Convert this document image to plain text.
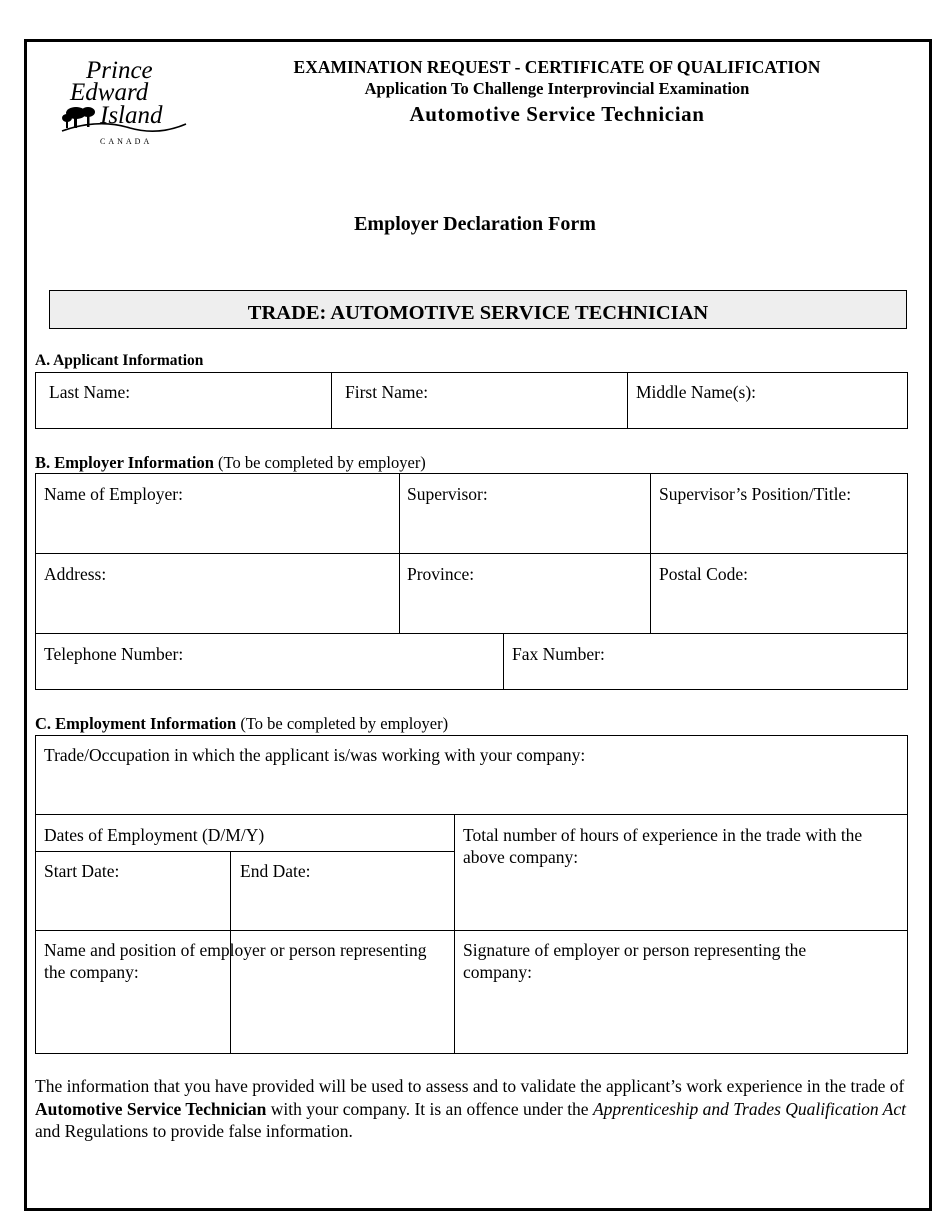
Prince
Edward
Island
CANADA
EXAMINATION REQUEST - CERTIFICATE OF QUALIFICATION
Application To Challenge Interprovincial Examination
Automotive Service Technician
Employer Declaration Form
TRADE: AUTOMOTIVE SERVICE TECHNICIAN
A. Applicant Information
Last Name:	First Name:	Middle Name(s):
B. Employer Information (To be completed by employer)
Name of Employer:	Supervisor:	Supervisor’s Position/Title:
Address:	Province:	Postal Code:
Telephone Number:	Fax Number:
C. Employment Information (To be completed by employer)
Trade/Occupation in which the applicant is/was working with your company:
Dates of Employment (D/M/Y)
Start Date:	End Date:
Total number of hours of experience in the trade with the above company:
Name and position of employer or person representing the company:
Signature of employer or person representing the company:
The information that you have provided will be used to assess and to validate the applicant’s work experience in the trade of Automotive Service Technician with your company. It is an offence under the Apprenticeship and Trades Qualification Act and Regulations to provide false information.
